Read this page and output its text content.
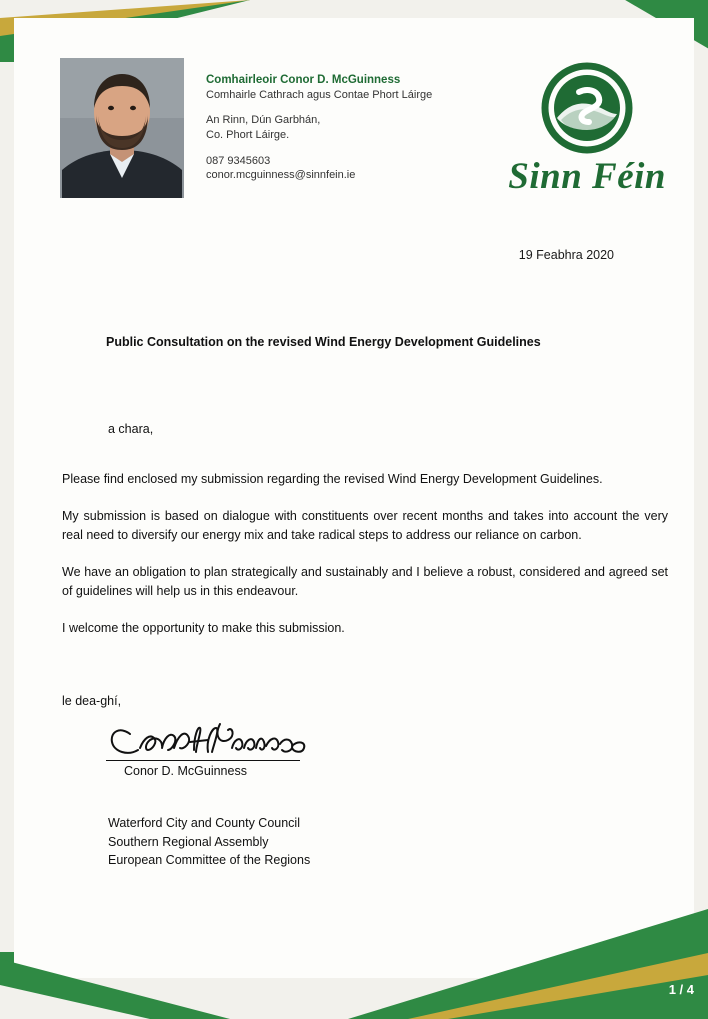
Comhairleoir Conor D. McGuinness
Comhairle Cathrach agus Contae Phort Láirge
An Rinn, Dún Garbhán,
Co. Phort Láirge.
087 9345603
conor.mcguinness@sinnfein.ie	Sinn Féin
19 Feabhra 2020
Public Consultation on the revised Wind Energy Development Guidelines
a chara,

Please find enclosed my submission regarding the revised Wind Energy Development Guidelines.

My submission is based on dialogue with constituents over recent months and takes into account the very real need to diversify our energy mix and take radical steps to address our reliance on carbon.

We have an obligation to plan strategically and sustainably and I believe a robust, considered and agreed set of guidelines will help us in this endeavour.

I welcome the opportunity to make this submission.

le dea-ghí,
Conor D. McGuinness
Waterford City and County Council
Southern Regional Assembly
European Committee of the Regions
1 / 4
